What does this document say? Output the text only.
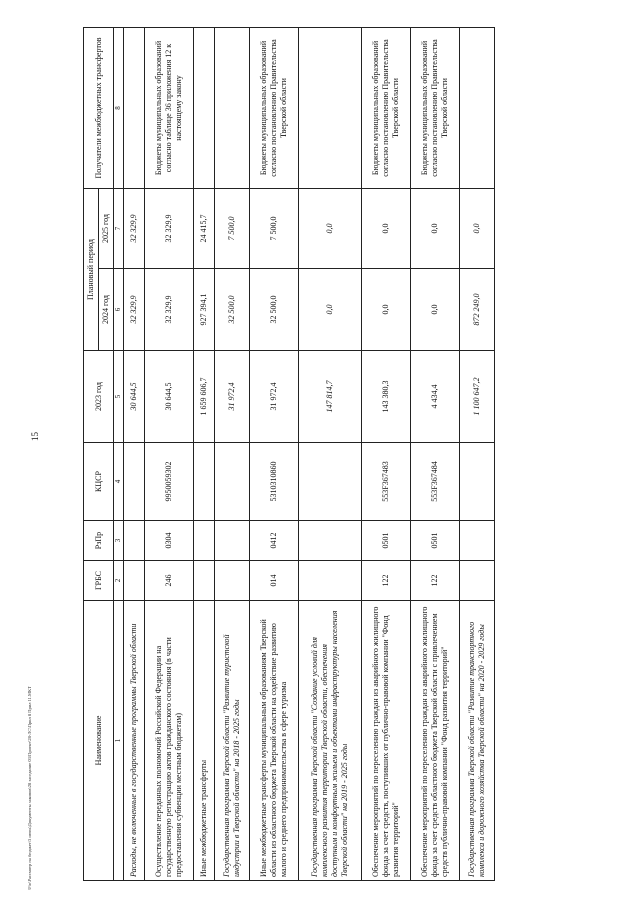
15
Наименование	ГРБС	РзПр	КЦСР	2023 год	Плановый период		Получатели межбюджетных трансфертов
					2024 год	2025 год	
1	2	3	4	5	6	7	8
Расходы, не включенные в государственные программы Тверской области				30 644,5	32 329,9	32 329,9	
Осуществление переданных полномочий Российской Федерации на государственную регистрацию актов гражданского состояния (в части предоставления субвенции местным бюджетам)	246	0304	9950059302	30 644,5	32 329,9	32 329,9	Бюджеты муниципальных образований согласно таблице 36 приложения 12 к настоящему закону
Иные межбюджетные трансферты				1 659 606,7	927 394,1	24 415,7	
Государственная программа Тверской области "Развитие туристской индустрии в Тверской области" на 2018 - 2025 годы				31 972,4	32 500,0	7 500,0	
Иные межбюджетные трансферты муниципальным образованиям Тверской области из областного бюджета Тверской области на содействие развитию малого и среднего предпринимательства в сфере туризма	014	0412	5310310860	31 972,4	32 500,0	7 500,0	Бюджеты муниципальных образований согласно постановлению Правительства Тверской области
Государственная программа Тверской области "Создание условий для комплексного развития территории Тверской области, обеспечения доступным и комфортным жильем и объектами инфраструктуры населения Тверской области" на 2019 - 2025 годы				147 814,7	0,0	0,0	
Обеспечение мероприятий по переселению граждан из аварийного жилищного фонда за счет средств, поступивших от публично-правовой компании "Фонд развития территорий"	122	0501	553F367483	143 380,3	0,0	0,0	Бюджеты муниципальных образований согласно постановлению Правительства Тверской области
Обеспечение мероприятий по переселению граждан из аварийного жилищного фонда за счет средств областного бюджета Тверской области с привлечением средств публично-правовой компании "Фонд развития территорий"	122	0501	553F367484	4 434,4	0,0	0,0	Бюджеты муниципальных образований согласно постановлению Правительства Тверской области
Государственная программа Тверской области "Развитие транспортного комплекса и дорожного хозяйства Тверской области" на 2020 - 2029 годы				1 100 647,2	872 249,0	0,0	
\Fin\Рассмотр на бюджет\3 июнь\Документы законов\28 заседание 03\Проект\28-ЛС\Прил 8 Прил 11.МКТ
